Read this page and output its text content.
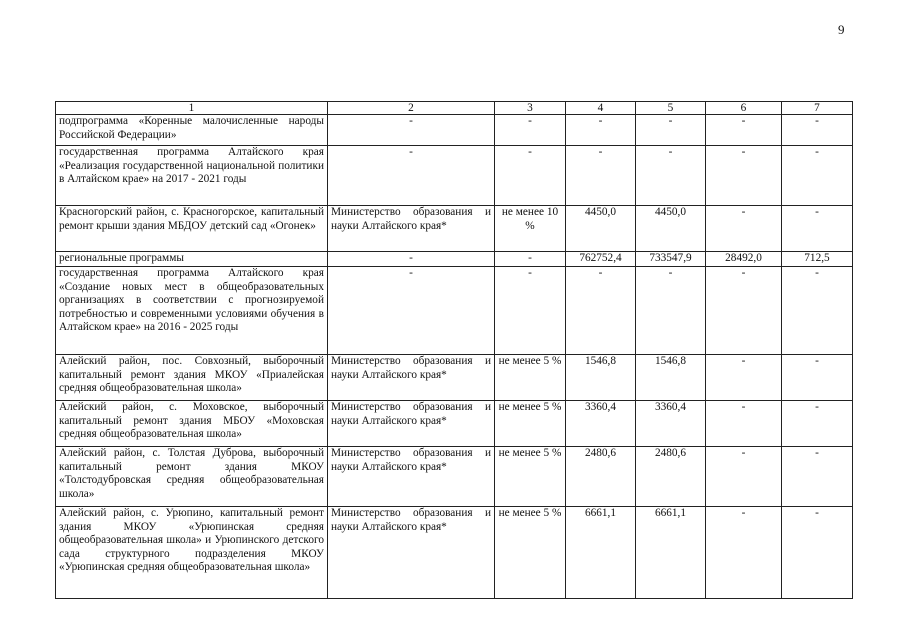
9
1	2	3	4	5	6	7
подпрограмма «Коренные малочисленные народы Российской Федерации»	-	-	-	-	-	-
государственная программа Алтайского края «Реализация государственной национальной политики в Алтайском крае» на 2017 - 2021 годы	-	-	-	-	-	-
Красногорский район, с. Красногорское, капитальный ремонт крыши здания МБДОУ детский сад «Огонек»	Министерство образования и науки Алтайского края*	не менее 10 %	4450,0	4450,0	-	-
региональные программы	-	-	762752,4	733547,9	28492,0	712,5
государственная программа Алтайского края «Создание новых мест в общеобразовательных организациях в соответствии с прогнозируемой потребностью и современными условиями обучения в Алтайском крае» на 2016 - 2025 годы	-	-	-	-	-	-
Алейский район, пос. Совхозный, выборочный капитальный ремонт здания МКОУ «Приалейская средняя общеобразовательная школа»	Министерство образования и науки Алтайского края*	не менее 5 %	1546,8	1546,8	-	-
Алейский район, с. Моховское, выборочный капитальный ремонт здания МБОУ «Моховская средняя общеобразовательная школа»	Министерство образования и науки Алтайского края*	не менее 5 %	3360,4	3360,4	-	-
Алейский район, с. Толстая Дуброва, выборочный капитальный ремонт здания МКОУ «Толстодубровская средняя общеобразовательная школа»	Министерство образования и науки Алтайского края*	не менее 5 %	2480,6	2480,6	-	-
Алейский район, с. Урюпино, капитальный ремонт здания МКОУ «Урюпинская средняя общеобразовательная школа» и Урюпинского детского сада структурного подразделения МКОУ «Урюпинская средняя общеобразовательная школа»	Министерство образования и науки Алтайского края*	не менее 5 %	6661,1	6661,1	-	-
